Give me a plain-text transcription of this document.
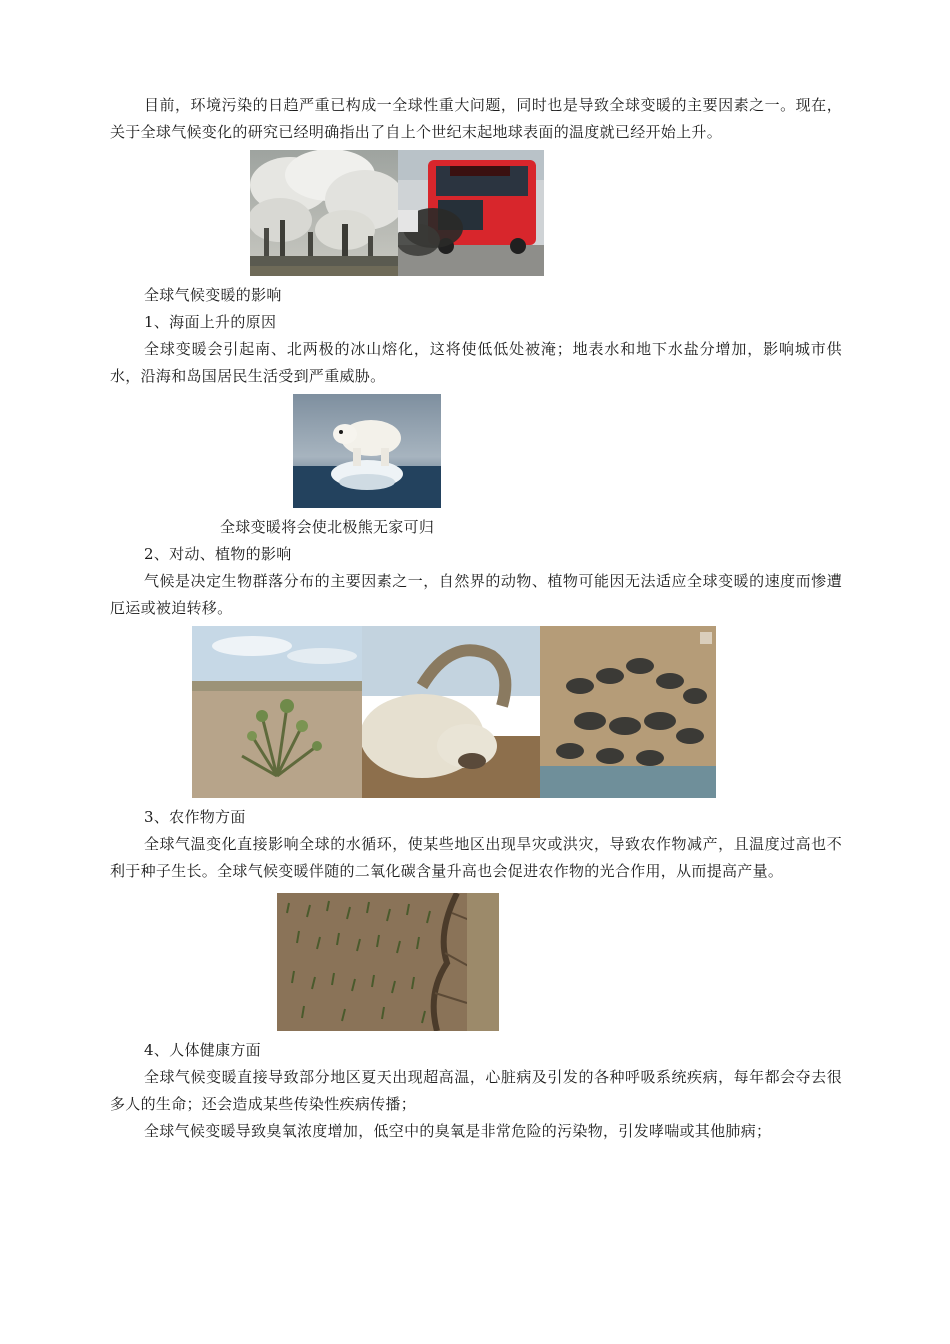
目前，环境污染的日趋严重已构成一全球性重大问题，同时也是导致全球变暖的主要因素之一。现在，关于全球气候变化的研究已经明确指出了自上个世纪末起地球表面的温度就已经开始上升。

全球气候变暖的影响

1、海面上升的原因

全球变暖会引起南、北两极的冰山熔化，这将使低低处被淹；地表水和地下水盐分增加，影响城市供水，沿海和岛国居民生活受到严重威胁。

全球变暖将会使北极熊无家可归

2、对动、植物的影响

气候是决定生物群落分布的主要因素之一，自然界的动物、植物可能因无法适应全球变暖的速度而惨遭厄运或被迫转移。

3、农作物方面

全球气温变化直接影响全球的水循环，使某些地区出现旱灾或洪灾，导致农作物减产，且温度过高也不利于种子生长。全球气候变暖伴随的二氧化碳含量升高也会促进农作物的光合作用，从而提高产量。

4、人体健康方面

全球气候变暖直接导致部分地区夏天出现超高温，心脏病及引发的各种呼吸系统疾病，每年都会夺去很多人的生命；还会造成某些传染性疾病传播；

全球气候变暖导致臭氧浓度增加，低空中的臭氧是非常危险的污染物，引发哮喘或其他肺病；
